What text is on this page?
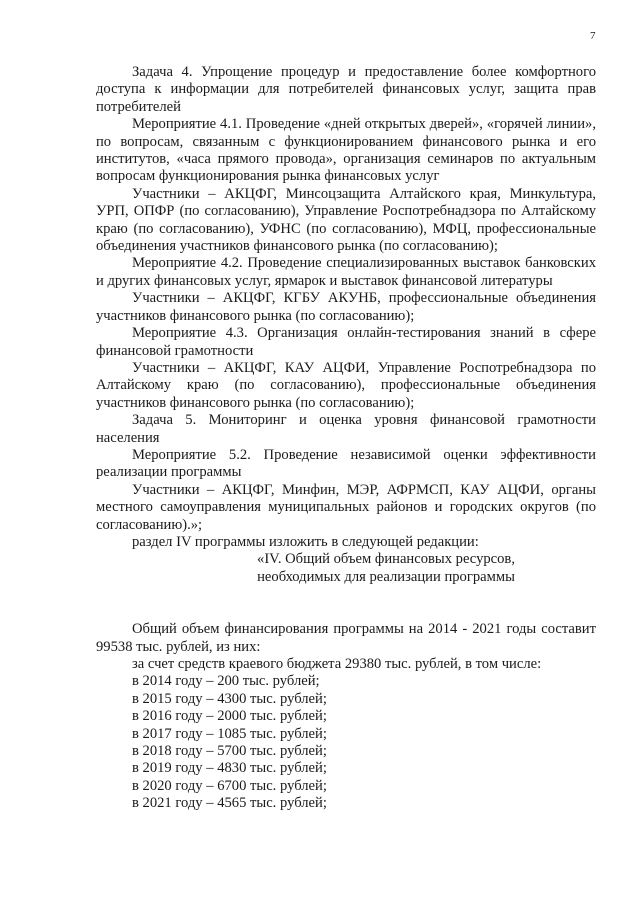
7

Задача 4. Упрощение процедур и предоставление более комфортного доступа к информации для потребителей финансовых услуг, защита прав потребителей

Мероприятие 4.1. Проведение «дней открытых дверей», «горячей линии», по вопросам, связанным с функционированием финансового рынка и его институтов, «часа прямого провода», организация семинаров по актуальным вопросам функционирования рынка финансовых услуг

Участники – АКЦФГ, Минсоцзащита Алтайского края, Минкультура, УРП, ОПФР (по согласованию), Управление Роспотребнадзора по Алтайскому краю (по согласованию), УФНС (по согласованию), МФЦ, профессиональные объединения участников финансового рынка (по согласованию);

Мероприятие 4.2. Проведение специализированных выставок банковских и других финансовых услуг, ярмарок и выставок финансовой литературы

Участники – АКЦФГ, КГБУ АКУНБ, профессиональные объединения участников финансового рынка (по согласованию);

Мероприятие 4.3. Организация онлайн-тестирования знаний в сфере финансовой грамотности

Участники – АКЦФГ, КАУ АЦФИ, Управление Роспотребнадзора по Алтайскому краю (по согласованию), профессиональные объединения участников финансового рынка (по согласованию);

Задача 5. Мониторинг и оценка уровня финансовой грамотности населения

Мероприятие 5.2. Проведение независимой оценки эффективности реализации программы

Участники – АКЦФГ, Минфин, МЭР, АФРМСП, КАУ АЦФИ, органы местного самоуправления муниципальных районов и городских округов (по согласованию).»;

раздел IV программы изложить в следующей редакции:

«IV. Общий объем финансовых ресурсов,

необходимых для реализации программы

Общий объем финансирования программы на 2014 - 2021 годы составит 99538 тыс. рублей, из них:

за счет средств краевого бюджета 29380 тыс. рублей, в том числе:

в 2014 году – 200 тыс. рублей;
в 2015 году – 4300 тыс. рублей;
в 2016 году – 2000 тыс. рублей;
в 2017 году – 1085 тыс. рублей;
в 2018 году – 5700 тыс. рублей;
в 2019 году – 4830 тыс. рублей;
в 2020 году – 6700 тыс. рублей;
в 2021 году – 4565 тыс. рублей;
